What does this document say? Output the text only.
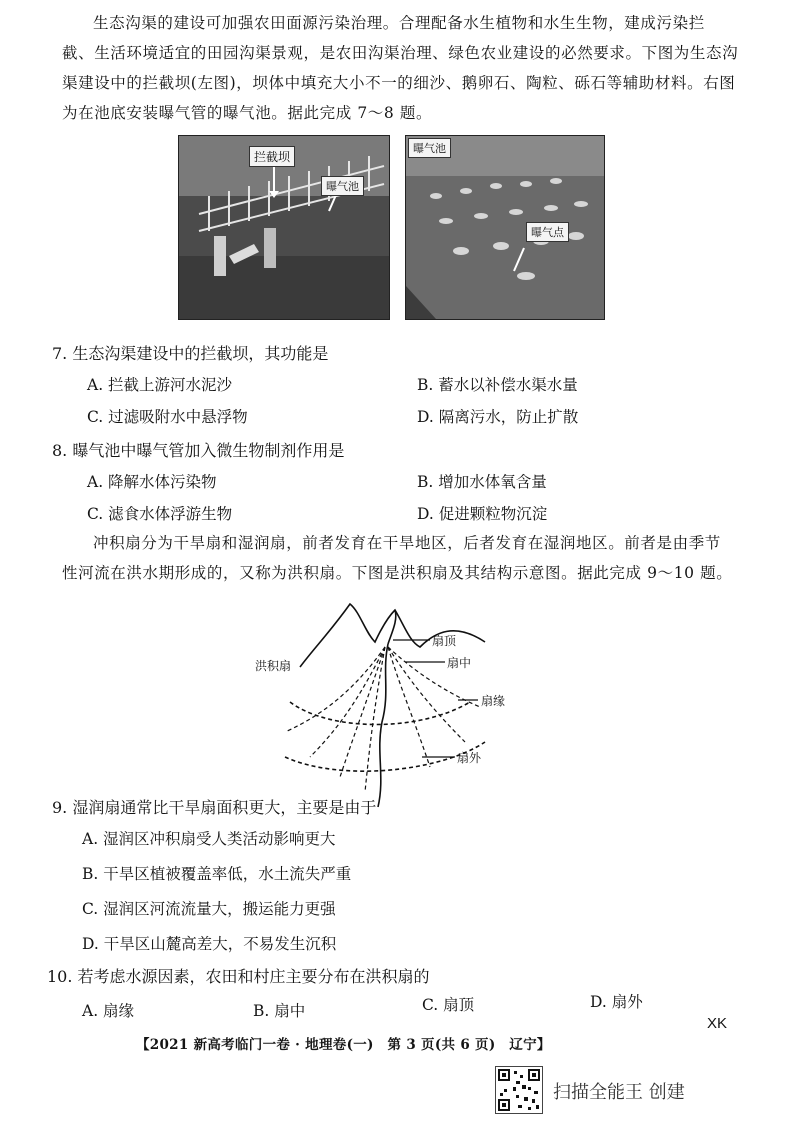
生态沟渠的建设可加强农田面源污染治理。合理配备水生植物和水生生物，建成污染拦
截、生活环境适宜的田园沟渠景观，是农田沟渠治理、绿色农业建设的必然要求。下图为生态沟
渠建设中的拦截坝(左图)，坝体中填充大小不一的细沙、鹅卵石、陶粒、砾石等辅助材料。右图
为在池底安装曝气管的曝气池。据此完成 7～8 题。
拦截坝
曝气池
曝气池
曝气点
7. 生态沟渠建设中的拦截坝，其功能是
A. 拦截上游河水泥沙	B. 蓄水以补偿水渠水量
C. 过滤吸附水中悬浮物	D. 隔离污水，防止扩散
8. 曝气池中曝气管加入微生物制剂作用是
A. 降解水体污染物	B. 增加水体氧含量
C. 滤食水体浮游生物	D. 促进颗粒物沉淀
冲积扇分为干旱扇和湿润扇，前者发育在干旱地区，后者发育在湿润地区。前者是由季节
性河流在洪水期形成的，又称为洪积扇。下图是洪积扇及其结构示意图。据此完成 9～10 题。
洪积扇
扇顶
扇中
扇缘
扇外
9. 湿润扇通常比干旱扇面积更大，主要是由于
A. 湿润区冲积扇受人类活动影响更大
B. 干旱区植被覆盖率低，水土流失严重
C. 湿润区河流流量大，搬运能力更强
D. 干旱区山麓高差大，不易发生沉积
10. 若考虑水源因素，农田和村庄主要分布在洪积扇的
A. 扇缘	B. 扇中	C. 扇顶	D. 扇外
【2021 新高考临门一卷 · 地理卷(一)　第 3 页(共 6 页)　辽宁】
XK
扫描全能王 创建
